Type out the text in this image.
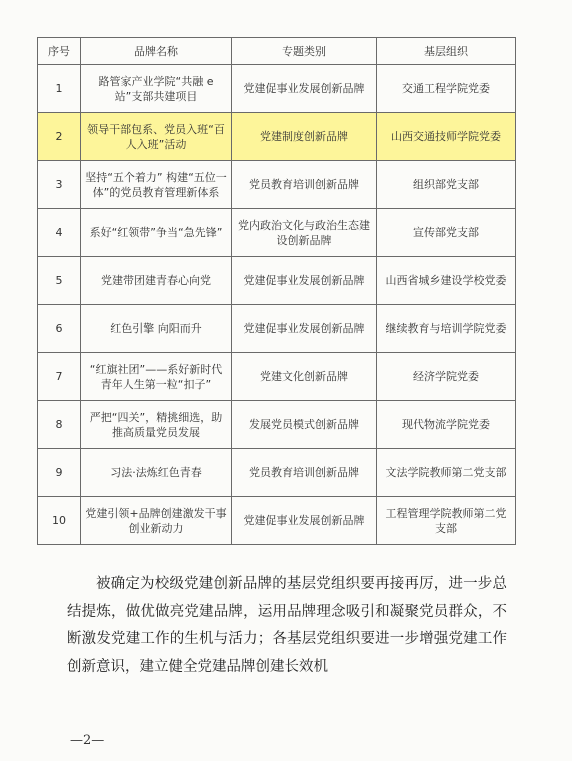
序号	品牌名称	专题类别	基层组织
1	路管家产业学院“共融 e站”支部共建项目	党建促事业发展创新品牌	交通工程学院党委
2	领导干部包系、党员入班“百人入班”活动	党建制度创新品牌	山西交通技师学院党委
3	坚持“五个着力” 构建“五位一体”的党员教育管理新体系	党员教育培训创新品牌	组织部党支部
4	系好“红领带”争当“急先锋”	党内政治文化与政治生态建设创新品牌	宣传部党支部
5	党建带团建青春心向党	党建促事业发展创新品牌	山西省城乡建设学校党委
6	红色引擎 向阳而升	党建促事业发展创新品牌	继续教育与培训学院党委
7	“红旗社团”——系好新时代青年人生第一粒“扣子”	党建文化创新品牌	经济学院党委
8	严把“四关”，精挑细选，助推高质量党员发展	发展党员模式创新品牌	现代物流学院党委
9	习法·法炼红色青春	党员教育培训创新品牌	文法学院教师第二党支部
10	党建引领+品牌创建激发干事创业新动力	党建促事业发展创新品牌	工程管理学院教师第二党支部

被确定为校级党建创新品牌的基层党组织要再接再厉，进一步总结提炼，做优做亮党建品牌，运用品牌理念吸引和凝聚党员群众，不断激发党建工作的生机与活力；各基层党组织要进一步增强党建工作创新意识，建立健全党建品牌创建长效机

—2—
